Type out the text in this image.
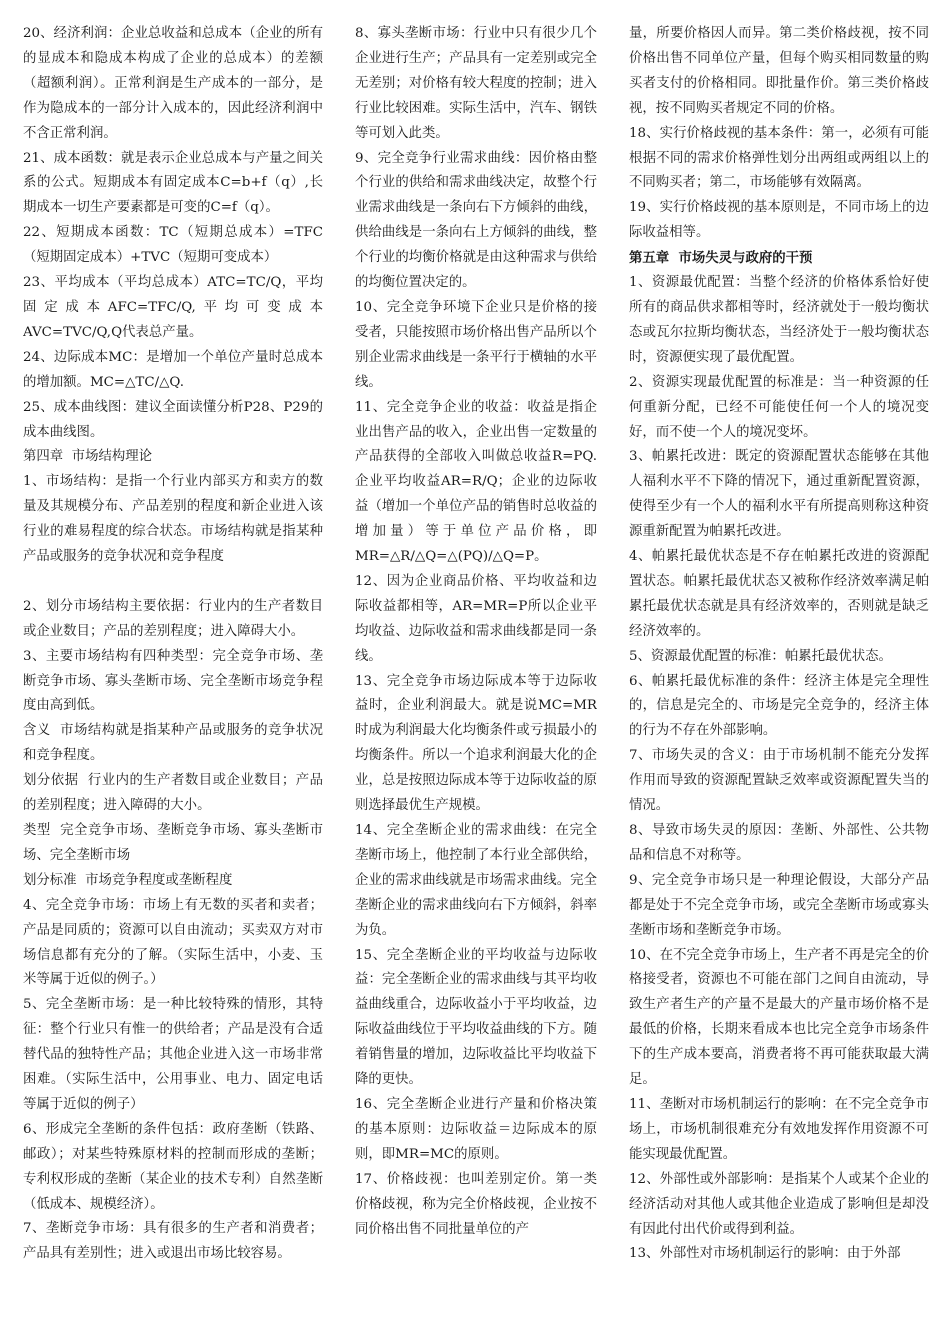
20、经济利润：企业总收益和总成本（企业的所有的显成本和隐成本构成了企业的总成本）的差额（超额利润）。正常利润是生产成本的一部分，是作为隐成本的一部分计入成本的，因此经济利润中不含正常利润。

21、成本函数：就是表示企业总成本与产量之间关系的公式。短期成本有固定成本C=b+f（q）,长期成本一切生产要素都是可变的C=f（q）。

22、短期成本函数：TC（短期总成本）=TFC（短期固定成本）+TVC（短期可变成本）

23、平均成本（平均总成本）ATC=TC/Q，平均固定成本AFC=TFC/Q,平均可变成本AVC=TVC/Q,Q代表总产量。

24、边际成本MC：是增加一个单位产量时总成本的增加额。MC=△TC/△Q.

25、成本曲线图：建议全面读懂分析P28、P29的成本曲线图。

第四章  市场结构理论

1、市场结构：是指一个行业内部买方和卖方的数量及其规模分布、产品差别的程度和新企业进入该行业的难易程度的综合状态。市场结构就是指某种产品或服务的竞争状况和竞争程度

2、划分市场结构主要依据：行业内的生产者数目或企业数目；产品的差别程度；进入障碍大小。

3、主要市场结构有四种类型：完全竞争市场、垄断竞争市场、寡头垄断市场、完全垄断市场竞争程度由高到低。

含义  市场结构就是指某种产品或服务的竞争状况和竞争程度。

划分依据  行业内的生产者数目或企业数目；产品的差别程度；进入障碍的大小。

类型  完全竞争市场、垄断竞争市场、寡头垄断市场、完全垄断市场

划分标准  市场竞争程度或垄断程度

4、完全竞争市场：市场上有无数的买者和卖者；产品是同质的；资源可以自由流动；买卖双方对市场信息都有充分的了解。（实际生活中，小麦、玉米等属于近似的例子。）

5、完全垄断市场：是一种比较特殊的情形，其特征：整个行业只有惟一的供给者；产品是没有合适替代品的独特性产品；其他企业进入这一市场非常困难。（实际生活中，公用事业、电力、固定电话等属于近似的例子）

6、形成完全垄断的条件包括：政府垄断（铁路、邮政）；对某些特殊原材料的控制而形成的垄断；专利权形成的垄断（某企业的技术专利）自然垄断（低成本、规模经济）。

7、垄断竞争市场：具有很多的生产者和消费者；产品具有差别性；进入或退出市场比较容易。

8、寡头垄断市场：行业中只有很少几个企业进行生产；产品具有一定差别或完全无差别；对价格有较大程度的控制；进入行业比较困难。实际生活中，汽车、钢铁等可划入此类。

9、完全竞争行业需求曲线：因价格由整个行业的供给和需求曲线决定，故整个行业需求曲线是一条向右下方倾斜的曲线，供给曲线是一条向右上方倾斜的曲线，整个行业的均衡价格就是由这种需求与供给的均衡位置决定的。

10、完全竞争环境下企业只是价格的接受者，只能按照市场价格出售产品所以个别企业需求曲线是一条平行于横轴的水平线。

11、完全竞争企业的收益：收益是指企业出售产品的收入，企业出售一定数量的产品获得的全部收入叫做总收益R=PQ.企业平均收益AR=R/Q；企业的边际收益（增加一个单位产品的销售时总收益的增加量）等于单位产品价格，即MR=△R/△Q=△(PQ)/△Q=P。

12、因为企业商品价格、平均收益和边际收益都相等，AR=MR=P所以企业平均收益、边际收益和需求曲线都是同一条线。

13、完全竞争市场边际成本等于边际收益时，企业利润最大。就是说MC=MR时成为利润最大化均衡条件或亏损最小的均衡条件。所以一个追求利润最大化的企业，总是按照边际成本等于边际收益的原则选择最优生产规模。

14、完全垄断企业的需求曲线：在完全垄断市场上，他控制了本行业全部供给，企业的需求曲线就是市场需求曲线。完全垄断企业的需求曲线向右下方倾斜，斜率为负。

15、完全垄断企业的平均收益与边际收益：完全垄断企业的需求曲线与其平均收益曲线重合，边际收益小于平均收益，边际收益曲线位于平均收益曲线的下方。随着销售量的增加，边际收益比平均收益下降的更快。

16、完全垄断企业进行产量和价格决策的基本原则：边际收益＝边际成本的原则，即MR=MC的原则。

17、价格歧视：也叫差别定价。第一类价格歧视，称为完全价格歧视，企业按不同价格出售不同批量单位的产

量，所要价格因人而异。第二类价格歧视，按不同价格出售不同单位产量，但每个购买相同数量的购买者支付的价格相同。即批量作价。第三类价格歧视，按不同购买者规定不同的价格。

18、实行价格歧视的基本条件：第一，必须有可能根据不同的需求价格弹性划分出两组或两组以上的不同购买者；第二，市场能够有效隔离。

19、实行价格歧视的基本原则是，不同市场上的边际收益相等。

第五章  市场失灵与政府的干预

1、资源最优配置：当整个经济的价格体系恰好使所有的商品供求都相等时，经济就处于一般均衡状态或瓦尔拉斯均衡状态，当经济处于一般均衡状态时，资源便实现了最优配置。

2、资源实现最优配置的标准是：当一种资源的任何重新分配，已经不可能使任何一个人的境况变好，而不使一个人的境况变坏。

3、帕累托改进：既定的资源配置状态能够在其他人福利水平不下降的情况下，通过重新配置资源，使得至少有一个人的福利水平有所提高则称这种资源重新配置为帕累托改进。

4、帕累托最优状态是不存在帕累托改进的资源配置状态。帕累托最优状态又被称作经济效率满足帕累托最优状态就是具有经济效率的，否则就是缺乏经济效率的。

5、资源最优配置的标准：帕累托最优状态。

6、帕累托最优标准的条件：经济主体是完全理性的，信息是完全的、市场是完全竞争的，经济主体的行为不存在外部影响。

7、市场失灵的含义：由于市场机制不能充分发挥作用而导致的资源配置缺乏效率或资源配置失当的情况。

8、导致市场失灵的原因：垄断、外部性、公共物品和信息不对称等。

9、完全竞争市场只是一种理论假设，大部分产品都是处于不完全竞争市场，或完全垄断市场或寡头垄断市场和垄断竞争市场。

10、在不完全竞争市场上，生产者不再是完全的价格接受者，资源也不可能在部门之间自由流动，导致生产者生产的产量不是最大的产量市场价格不是最低的价格，长期来看成本也比完全竞争市场条件下的生产成本要高，消费者将不再可能获取最大满足。

11、垄断对市场机制运行的影响：在不完全竞争市场上，市场机制很难充分有效地发挥作用资源不可能实现最优配置。

12、外部性或外部影响：是指某个人或某个企业的经济活动对其他人或其他企业造成了影响但是却没有因此付出代价或得到利益。

13、外部性对市场机制运行的影响：由于外部
